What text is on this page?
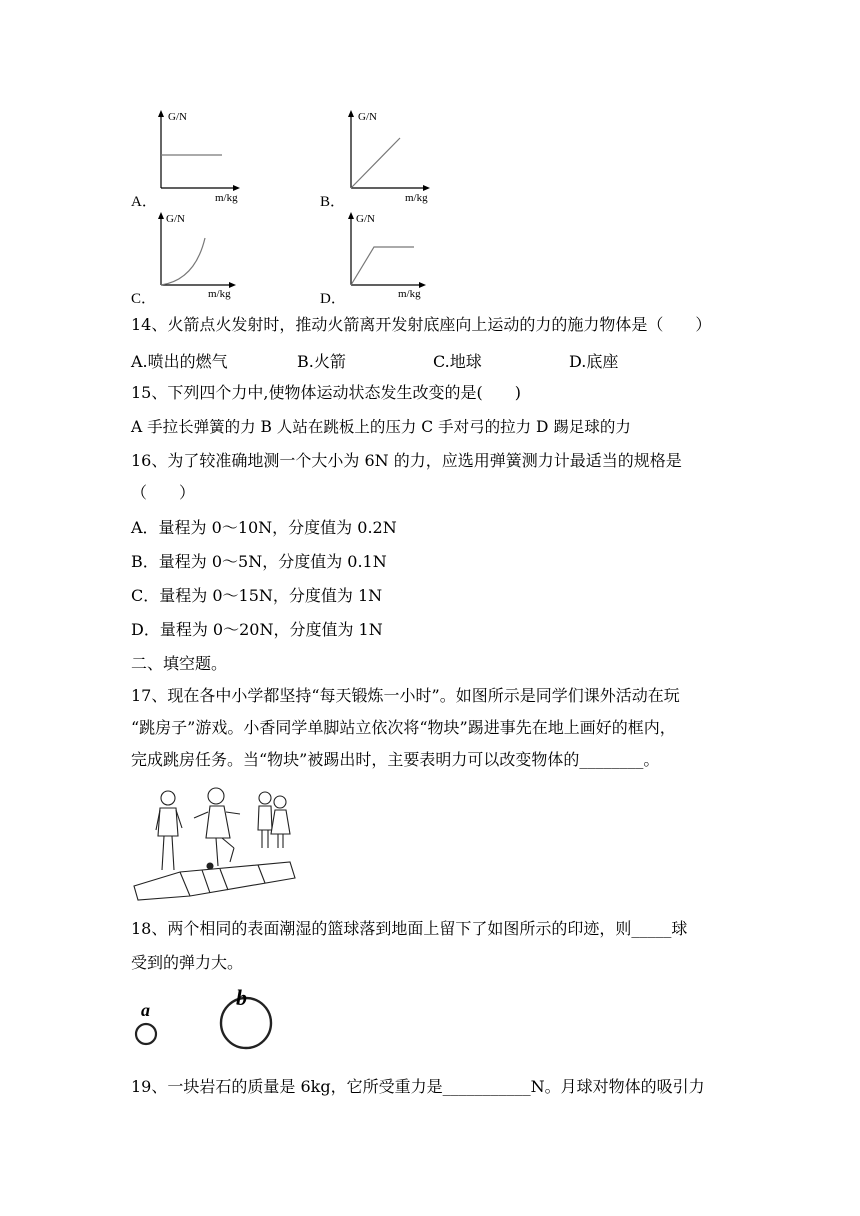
A．
G/N
m/kg	B．
G/N
m/kg
C．
G/N
m/kg	D．
G/N
m/kg
14、火箭点火发射时，推动火箭离开发射底座向上运动的力的施力物体是（　　）
A.喷出的燃气	B.火箭	C.地球	D.底座
15、下列四个力中,使物体运动状态发生改变的是(　　)
A 手拉长弹簧的力 B 人站在跳板上的压力 C 手对弓的拉力 D 踢足球的力
16、为了较准确地测一个大小为 6N 的力，应选用弹簧测力计最适当的规格是
（　　）
A．量程为 0～10N，分度值为 0.2N
B．量程为 0～5N，分度值为 0.1N
C．量程为 0～15N，分度值为 1N
D．量程为 0～20N，分度值为 1N
二、填空题。
17、现在各中小学都坚持“每天锻炼一小时”。如图所示是同学们课外活动在玩
“跳房子”游戏。小香同学单脚站立依次将“物块”踢进事先在地上画好的框内，
完成跳房任务。当“物块”被踢出时，主要表明力可以改变物体的________。
18、两个相同的表面潮湿的篮球落到地面上留下了如图所示的印迹，则_____球
受到的弹力大。
a	b
19、一块岩石的质量是 6kg，它所受重力是___________N。月球对物体的吸引力
